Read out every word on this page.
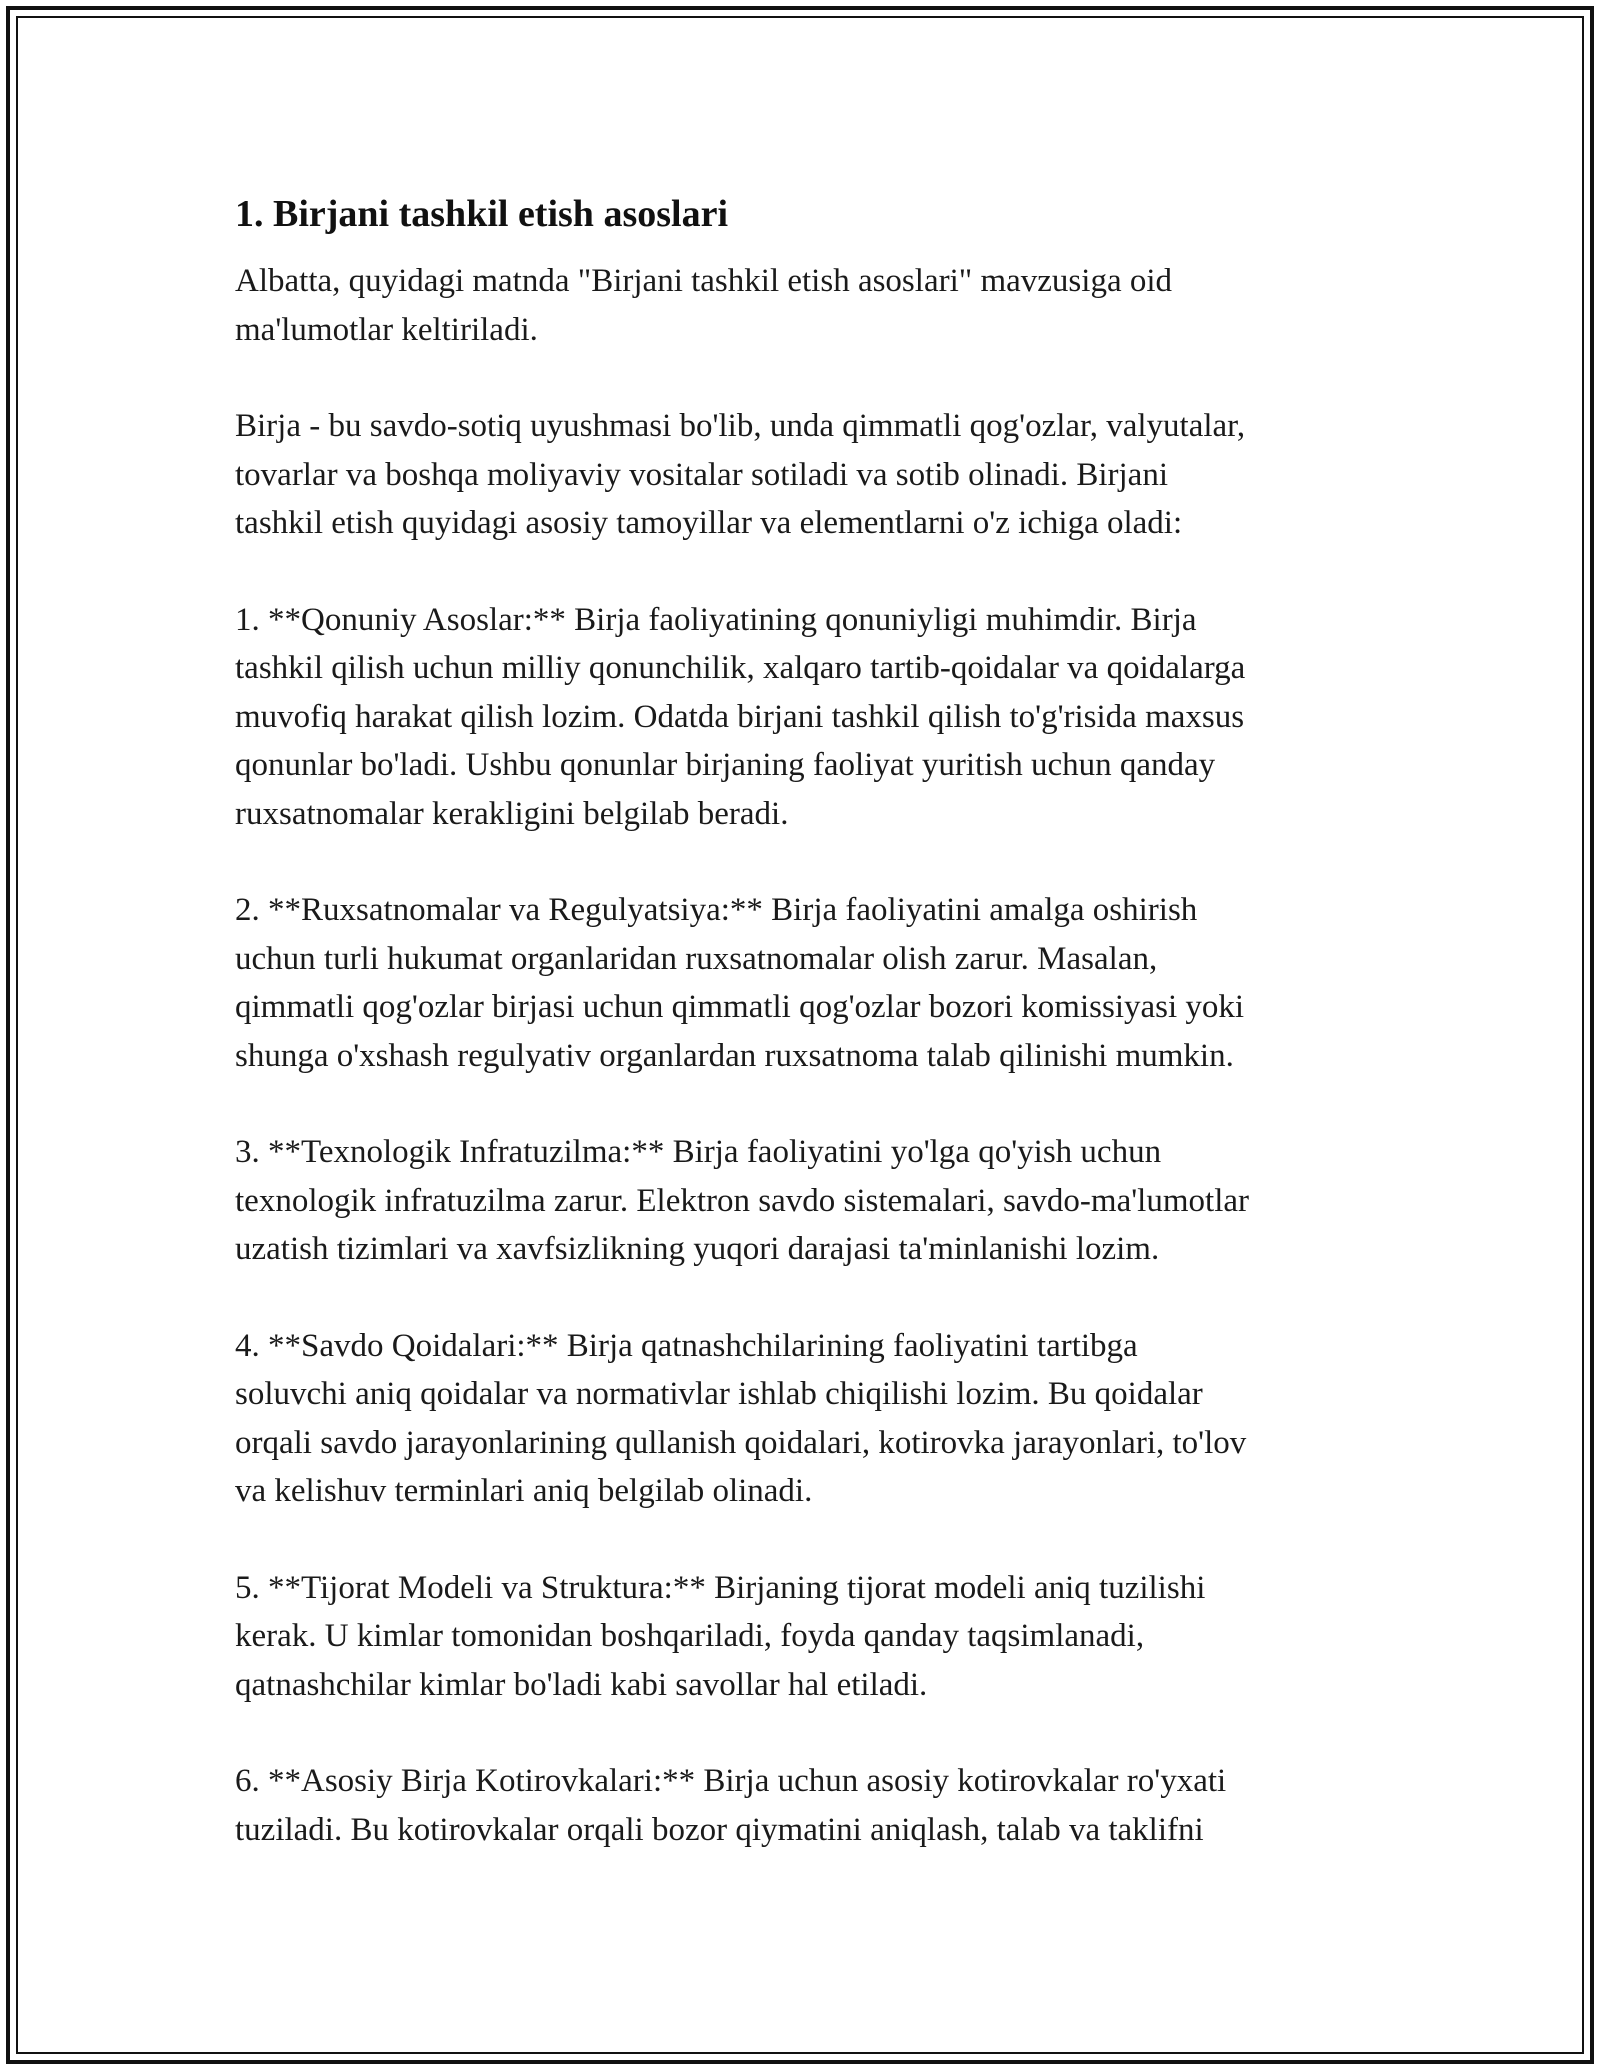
1. Birjani tashkil etish asoslari

Albatta, quyidagi matnda "Birjani tashkil etish asoslari" mavzusiga oid
ma'lumotlar keltiriladi.

Birja - bu savdo-sotiq uyushmasi bo'lib, unda qimmatli qog'ozlar, valyutalar,
tovarlar va boshqa moliyaviy vositalar sotiladi va sotib olinadi. Birjani
tashkil etish quyidagi asosiy tamoyillar va elementlarni o'z ichiga oladi:

1. **Qonuniy Asoslar:** Birja faoliyatining qonuniyligi muhimdir. Birja
tashkil qilish uchun milliy qonunchilik, xalqaro tartib-qoidalar va qoidalarga
muvofiq harakat qilish lozim. Odatda birjani tashkil qilish to'g'risida maxsus
qonunlar bo'ladi. Ushbu qonunlar birjaning faoliyat yuritish uchun qanday
ruxsatnomalar kerakligini belgilab beradi.

2. **Ruxsatnomalar va Regulyatsiya:** Birja faoliyatini amalga oshirish
uchun turli hukumat organlaridan ruxsatnomalar olish zarur. Masalan,
qimmatli qog'ozlar birjasi uchun qimmatli qog'ozlar bozori komissiyasi yoki
shunga o'xshash regulyativ organlardan ruxsatnoma talab qilinishi mumkin.

3. **Texnologik Infratuzilma:** Birja faoliyatini yo'lga qo'yish uchun
texnologik infratuzilma zarur. Elektron savdo sistemalari, savdo-ma'lumotlar
uzatish tizimlari va xavfsizlikning yuqori darajasi ta'minlanishi lozim.

4. **Savdo Qoidalari:** Birja qatnashchilarining faoliyatini tartibga
soluvchi aniq qoidalar va normativlar ishlab chiqilishi lozim. Bu qoidalar
orqali savdo jarayonlarining qullanish qoidalari, kotirovka jarayonlari, to'lov
va kelishuv terminlari aniq belgilab olinadi.

5. **Tijorat Modeli va Struktura:** Birjaning tijorat modeli aniq tuzilishi
kerak. U kimlar tomonidan boshqariladi, foyda qanday taqsimlanadi,
qatnashchilar kimlar bo'ladi kabi savollar hal etiladi.

6. **Asosiy Birja Kotirovkalari:** Birja uchun asosiy kotirovkalar ro'yxati
tuziladi. Bu kotirovkalar orqali bozor qiymatini aniqlash, talab va taklifni
